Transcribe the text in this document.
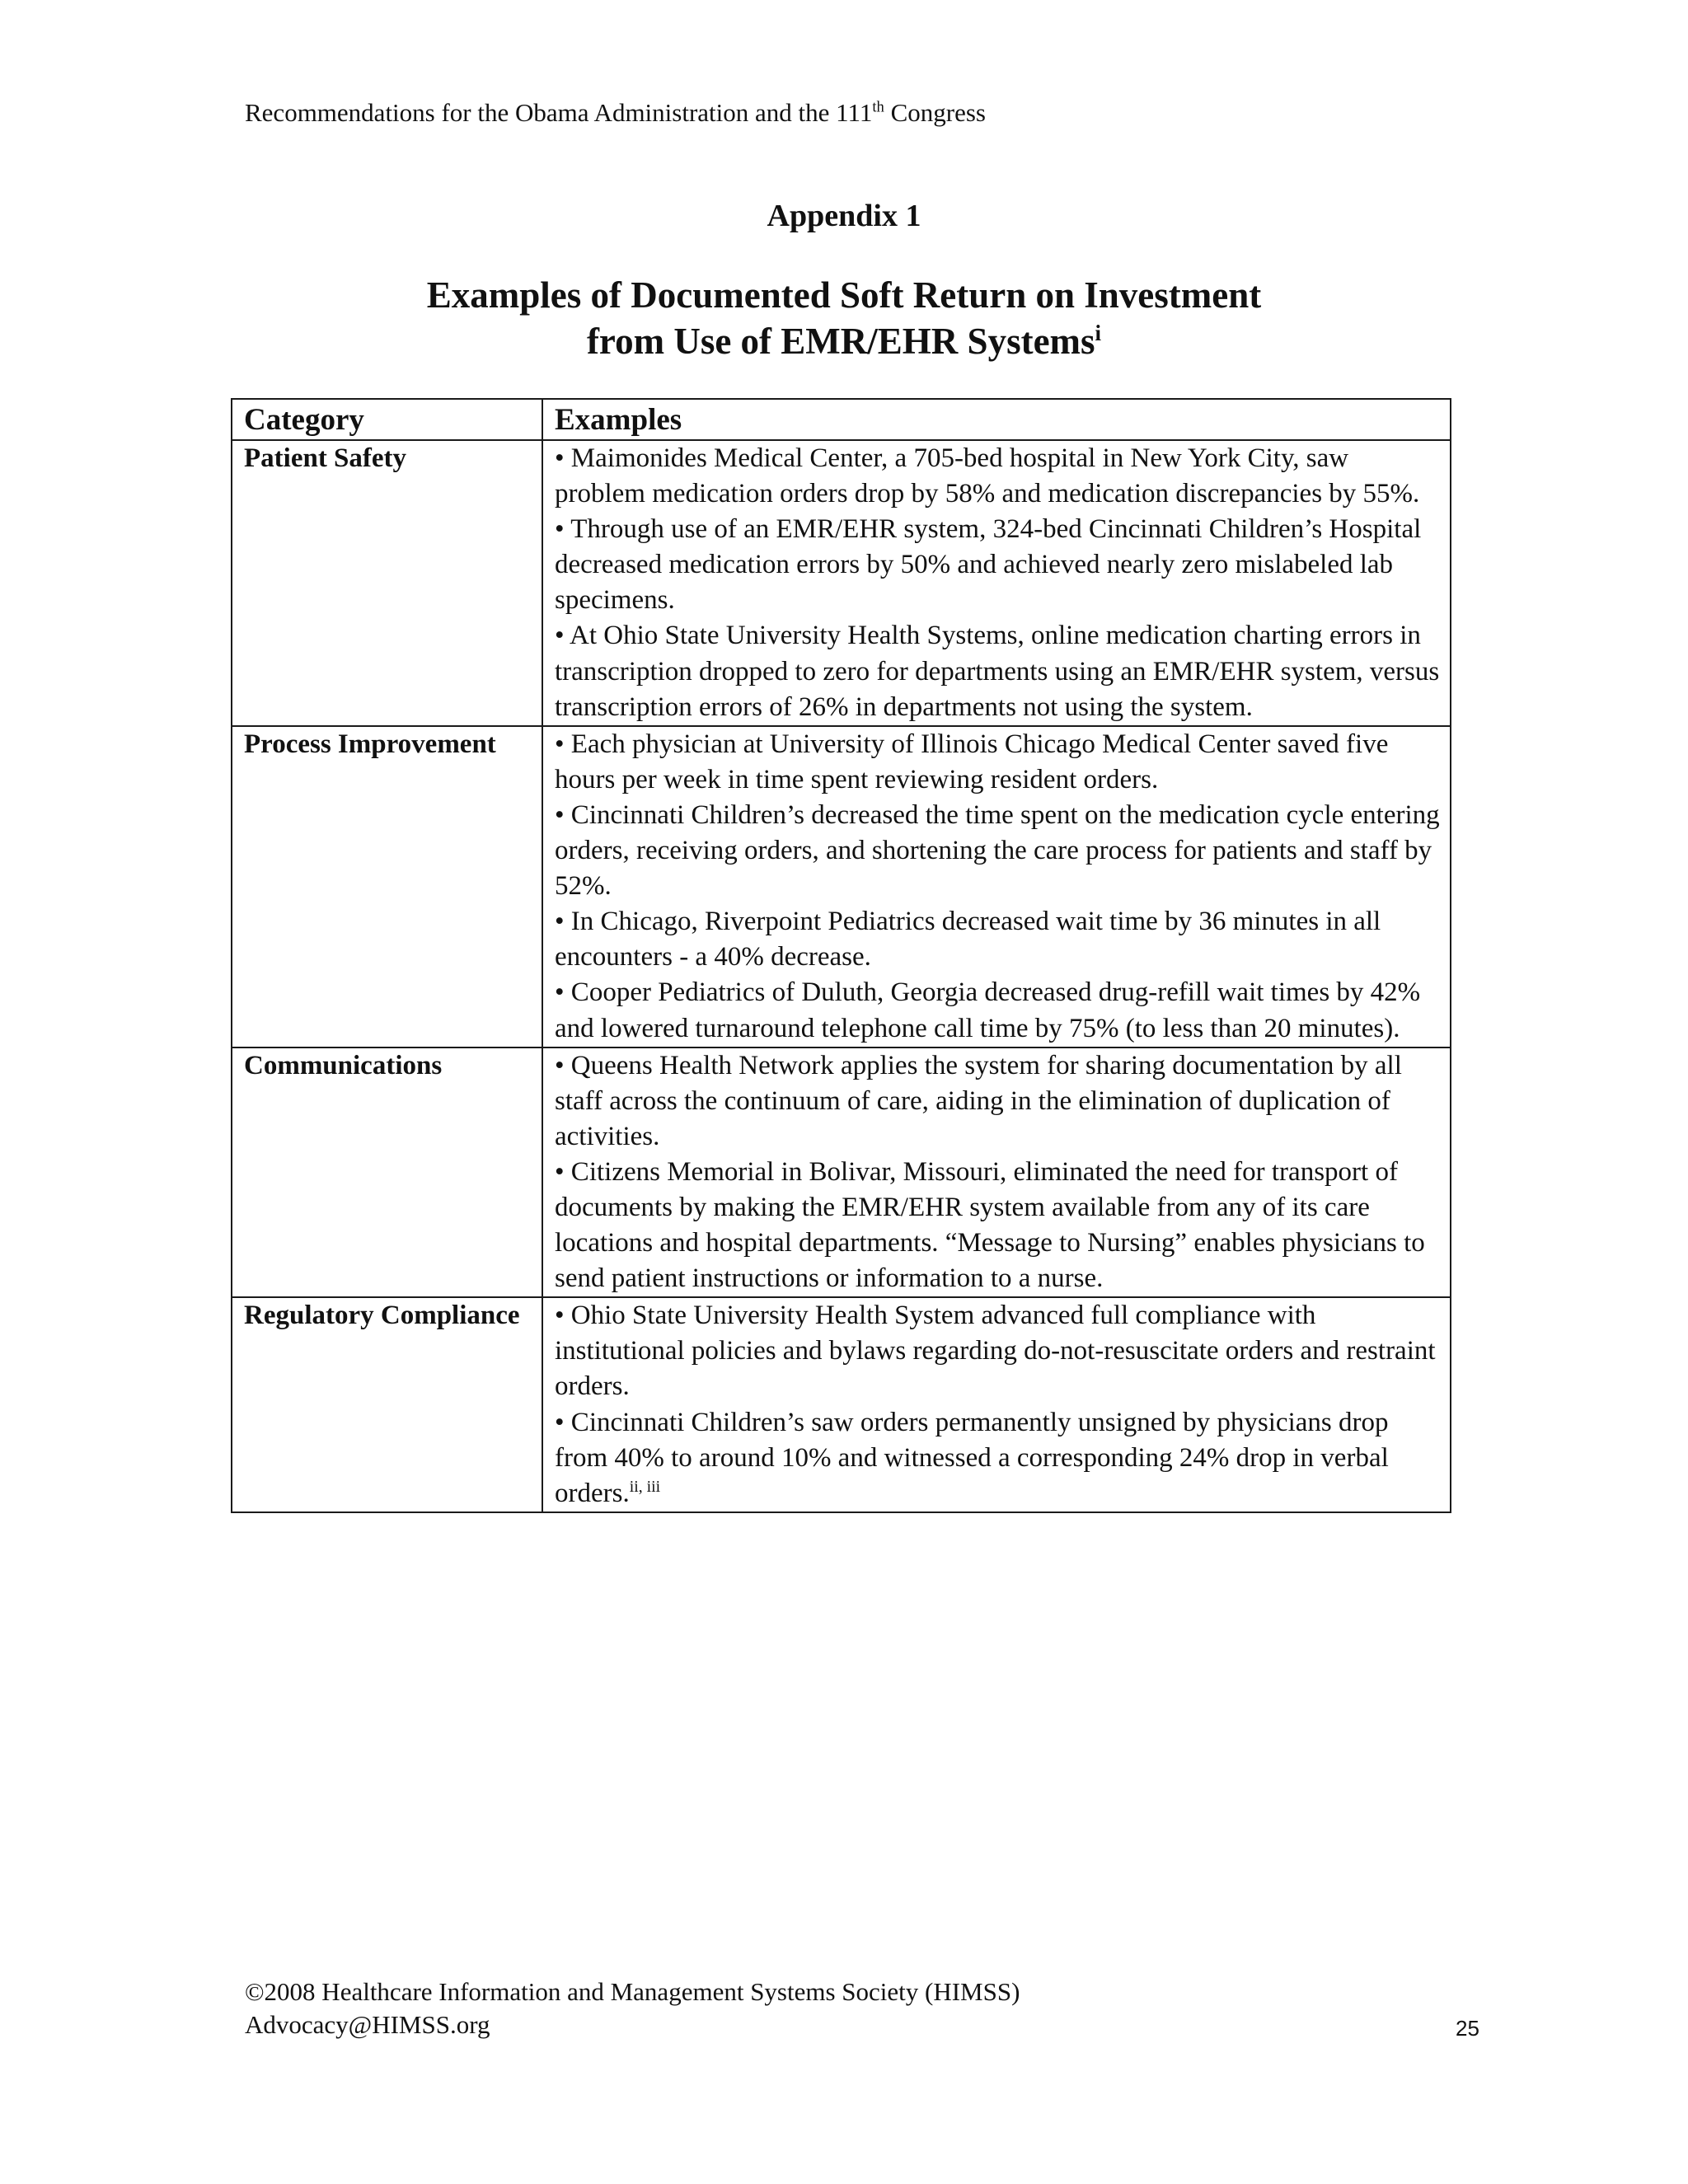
Recommendations for the Obama Administration and the 111th Congress
Appendix 1
Examples of Documented Soft Return on Investment
from Use of EMR/EHR Systems$^i$
Category	Examples
Patient Safety	• Maimonides Medical Center, a 705-bed hospital in New York City, saw problem medication orders drop by 58% and medication discrepancies by 55%.
• Through use of an EMR/EHR system, 324-bed Cincinnati Children’s Hospital decreased medication errors by 50% and achieved nearly zero mislabeled lab specimens.
• At Ohio State University Health Systems, online medication charting errors in transcription dropped to zero for departments using an EMR/EHR system, versus transcription errors of 26% in departments not using the system.

Process Improvement	• Each physician at University of Illinois Chicago Medical Center saved five hours per week in time spent reviewing resident orders.
• Cincinnati Children’s decreased the time spent on the medication cycle entering orders, receiving orders, and shortening the care process for patients and staff by 52%.
• In Chicago, Riverpoint Pediatrics decreased wait time by 36 minutes in all encounters - a 40% decrease.
• Cooper Pediatrics of Duluth, Georgia decreased drug-refill wait times by 42% and lowered turnaround telephone call time by 75% (to less than 20 minutes).

Communications	• Queens Health Network applies the system for sharing documentation by all staff across the continuum of care, aiding in the elimination of duplication of activities.
• Citizens Memorial in Bolivar, Missouri, eliminated the need for transport of documents by making the EMR/EHR system available from any of its care locations and hospital departments. “Message to Nursing” enables physicians to send patient instructions or information to a nurse.

Regulatory Compliance	• Ohio State University Health System advanced full compliance with institutional policies and bylaws regarding do-not-resuscitate orders and restraint orders.
• Cincinnati Children’s saw orders permanently unsigned by physicians drop from 40% to around 10% and witnessed a corresponding 24% drop in verbal orders.$^{ii, iii}$
©2008 Healthcare Information and Management Systems Society (HIMSS)
Advocacy@HIMSS.org	25
